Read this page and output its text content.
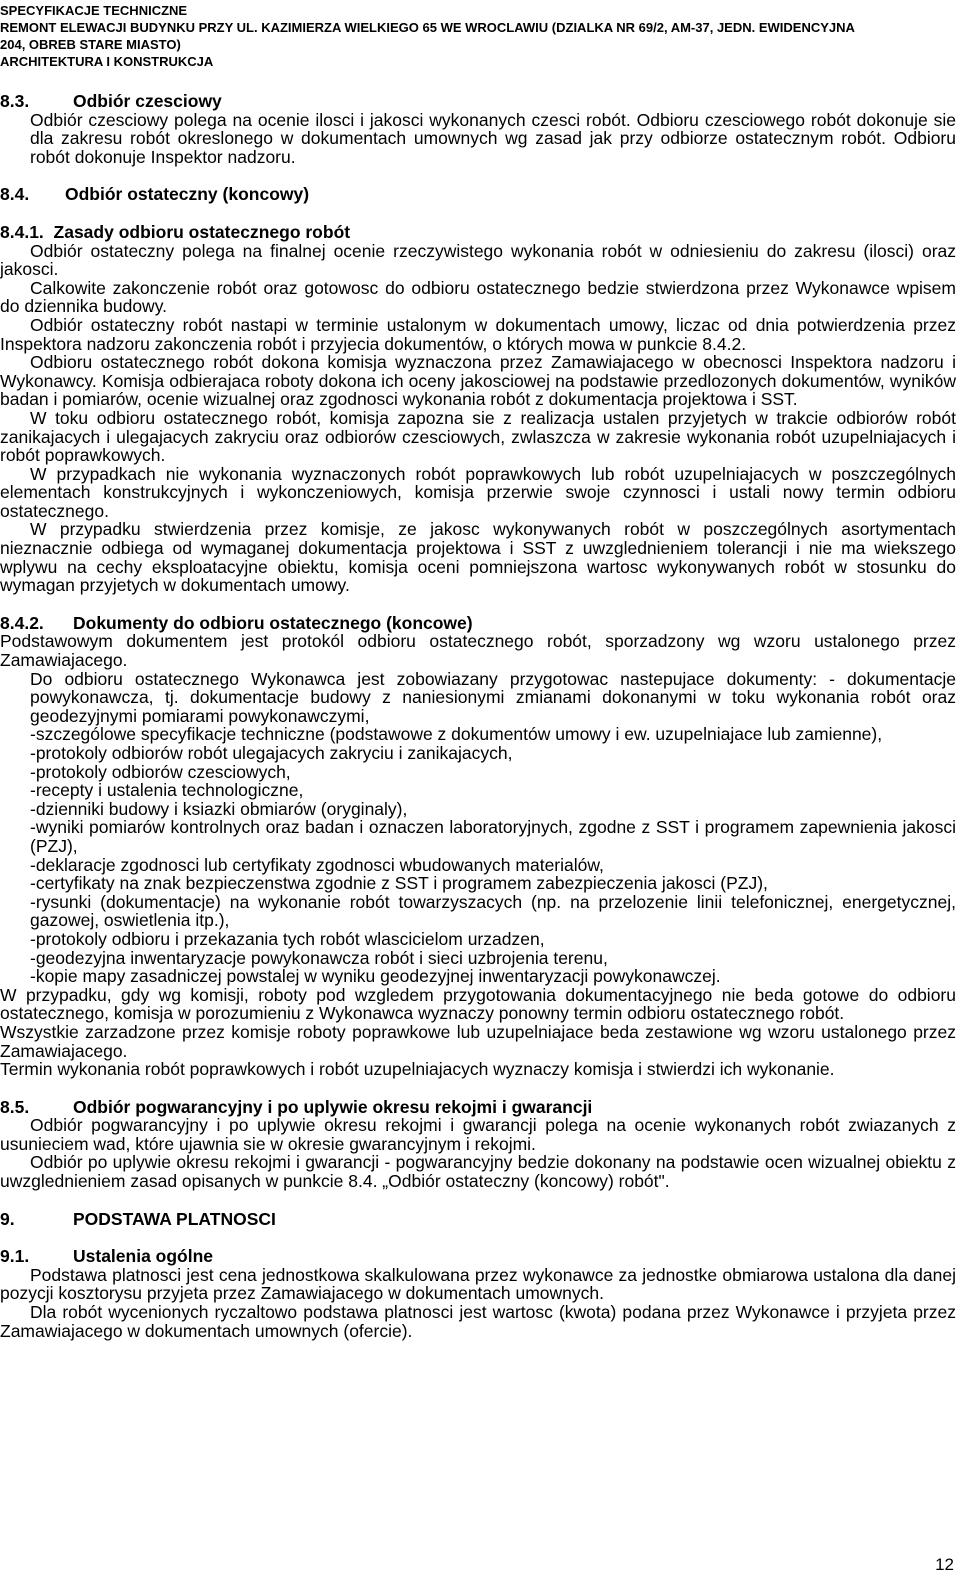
SPECYFIKACJE TECHNICZNE
REMONT ELEWACJI BUDYNKU PRZY UL. KAZIMIERZA WIELKIEGO 65 WE WROCLAWIU (DZIALKA NR 69/2, AM-37, JEDN. EWIDENCYJNA
204, OBREB STARE MIASTO)
ARCHITEKTURA I KONSTRUKCJA
8.3.	Odbiór czesciowy
Odbiór czesciowy polega na ocenie ilosci i jakosci wykonanych czesci robót. Odbioru czesciowego robót dokonuje sie dla zakresu robót okreslonego w dokumentach umownych wg zasad jak przy odbiorze ostatecznym robót. Odbioru robót dokonuje Inspektor nadzoru.
8.4. Odbiór ostateczny (koncowy)
8.4.1. Zasady odbioru ostatecznego robót
Odbiór ostateczny polega na finalnej ocenie rzeczywistego wykonania robót w odniesieniu do zakresu (ilosci) oraz jakosci.
Calkowite zakonczenie robót oraz gotowosc do odbioru ostatecznego bedzie stwierdzona przez Wykonawce wpisem do dziennika budowy.
Odbiór ostateczny robót nastapi w terminie ustalonym w dokumentach umowy, liczac od dnia potwierdzenia przez Inspektora nadzoru zakonczenia robót i przyjecia dokumentów, o których mowa w punkcie 8.4.2.
Odbioru ostatecznego robót dokona komisja wyznaczona przez Zamawiajacego w obecnosci Inspektora nadzoru i Wykonawcy. Komisja odbierajaca roboty dokona ich oceny jakosciowej na podstawie przedlozonych dokumentów, wyników badan i pomiarów, ocenie wizualnej oraz zgodnosci wykonania robót z dokumentacja projektowa i SST.
W toku odbioru ostatecznego robót, komisja zapozna sie z realizacja ustalen przyjetych w trakcie odbiorów robót zanikajacych i ulegajacych zakryciu oraz odbiorów czesciowych, zwlaszcza w zakresie wykonania robót uzupelniajacych i robót poprawkowych.
W przypadkach nie wykonania wyznaczonych robót poprawkowych lub robót uzupelniajacych w poszczególnych elementach konstrukcyjnych i wykonczeniowych, komisja przerwie swoje czynnosci i ustali nowy termin odbioru ostatecznego.
W przypadku stwierdzenia przez komisje, ze jakosc wykonywanych robót w poszczególnych asortymentach nieznacznie odbiega od wymaganej dokumentacja projektowa i SST z uwzglednieniem tolerancji i nie ma wiekszego wplywu na cechy eksploatacyjne obiektu, komisja oceni pomniejszona wartosc wykonywanych robót w stosunku do wymagan przyjetych w dokumentach umowy.
8.4.2. Dokumenty do odbioru ostatecznego (koncowe)
Podstawowym dokumentem jest protokól odbioru ostatecznego robót, sporzadzony wg wzoru ustalonego przez Zamawiajacego.
Do odbioru ostatecznego Wykonawca jest zobowiazany przygotowac nastepujace dokumenty: - dokumentacje powykonawcza, tj. dokumentacje budowy z naniesionymi zmianami dokonanymi w toku wykonania robót oraz geodezyjnymi pomiarami powykonawczymi,
-szczególowe specyfikacje techniczne (podstawowe z dokumentów umowy i ew. uzupelniajace lub zamienne),
-protokoly odbiorów robót ulegajacych zakryciu i zanikajacych,
-protokoly odbiorów czesciowych,
-recepty i ustalenia technologiczne,
-dzienniki budowy i ksiazki obmiarów (oryginaly),
-wyniki pomiarów kontrolnych oraz badan i oznaczen laboratoryjnych, zgodne z SST i programem zapewnienia jakosci (PZJ),
-deklaracje zgodnosci lub certyfikaty zgodnosci wbudowanych materialów,
-certyfikaty na znak bezpieczenstwa zgodnie z SST i programem zabezpieczenia jakosci (PZJ),
-rysunki (dokumentacje) na wykonanie robót towarzyszacych (np. na przelozenie linii telefonicznej, energetycznej, gazowej, oswietlenia itp.),
-protokoly odbioru i przekazania tych robót wlascicielom urzadzen,
-geodezyjna inwentaryzacje powykonawcza robót i sieci uzbrojenia terenu,
-kopie mapy zasadniczej powstalej w wyniku geodezyjnej inwentaryzacji powykonawczej.
W przypadku, gdy wg komisji, roboty pod wzgledem przygotowania dokumentacyjnego nie beda gotowe do odbioru ostatecznego, komisja w porozumieniu z Wykonawca wyznaczy ponowny termin odbioru ostatecznego robót.
Wszystkie zarzadzone przez komisje roboty poprawkowe lub uzupelniajace beda zestawione wg wzoru ustalonego przez Zamawiajacego.
Termin wykonania robót poprawkowych i robót uzupelniajacych wyznaczy komisja i stwierdzi ich wykonanie.
8.5.	Odbiór pogwarancyjny i po uplywie okresu rekojmi i gwarancji
Odbiór pogwarancyjny i po uplywie okresu rekojmi i gwarancji polega na ocenie wykonanych robót zwiazanych z usunieciem wad, które ujawnia sie w okresie gwarancyjnym i rekojmi.
Odbiór po uplywie okresu rekojmi i gwarancji - pogwarancyjny bedzie dokonany na podstawie ocen wizualnej obiektu z uwzglednieniem zasad opisanych w punkcie 8.4. „Odbiór ostateczny (koncowy) robót".
9.	PODSTAWA PLATNOSCI
9.1.	Ustalenia ogólne
Podstawa platnosci jest cena jednostkowa skalkulowana przez wykonawce za jednostke obmiarowa ustalona dla danej pozycji kosztorysu przyjeta przez Zamawiajacego w dokumentach umownych.
Dla robót wycenionych ryczaltowo podstawa platnosci jest wartosc (kwota) podana przez Wykonawce i przyjeta przez Zamawiajacego w dokumentach umownych (ofercie).
12
